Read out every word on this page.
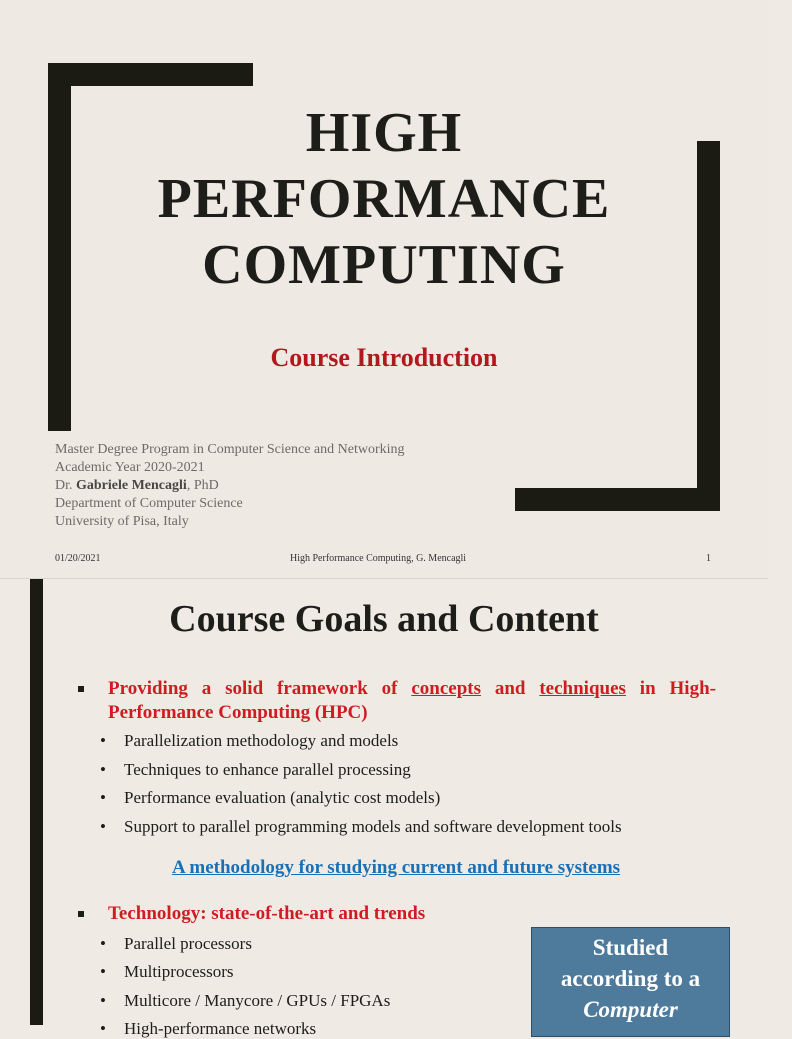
HIGH
PERFORMANCE
COMPUTING
Course Introduction
Master Degree Program in Computer Science and Networking
Academic Year 2020-2021
Dr. Gabriele Mencagli, PhD
Department of Computer Science
University of Pisa, Italy
01/20/2021	High Performance Computing, G. Mencagli	1
Course Goals and Content
Providing a solid framework of concepts and techniques in High-Performance Computing (HPC)
• Parallelization methodology and models
• Techniques to enhance parallel processing
• Performance evaluation (analytic cost models)
• Support to parallel programming models and software development tools
A methodology for studying current and future systems
Technology: state-of-the-art and trends
• Parallel processors
• Multiprocessors
• Multicore / Manycore / GPUs / FPGAs
• High-performance networks
Studied
according to a
Computer
